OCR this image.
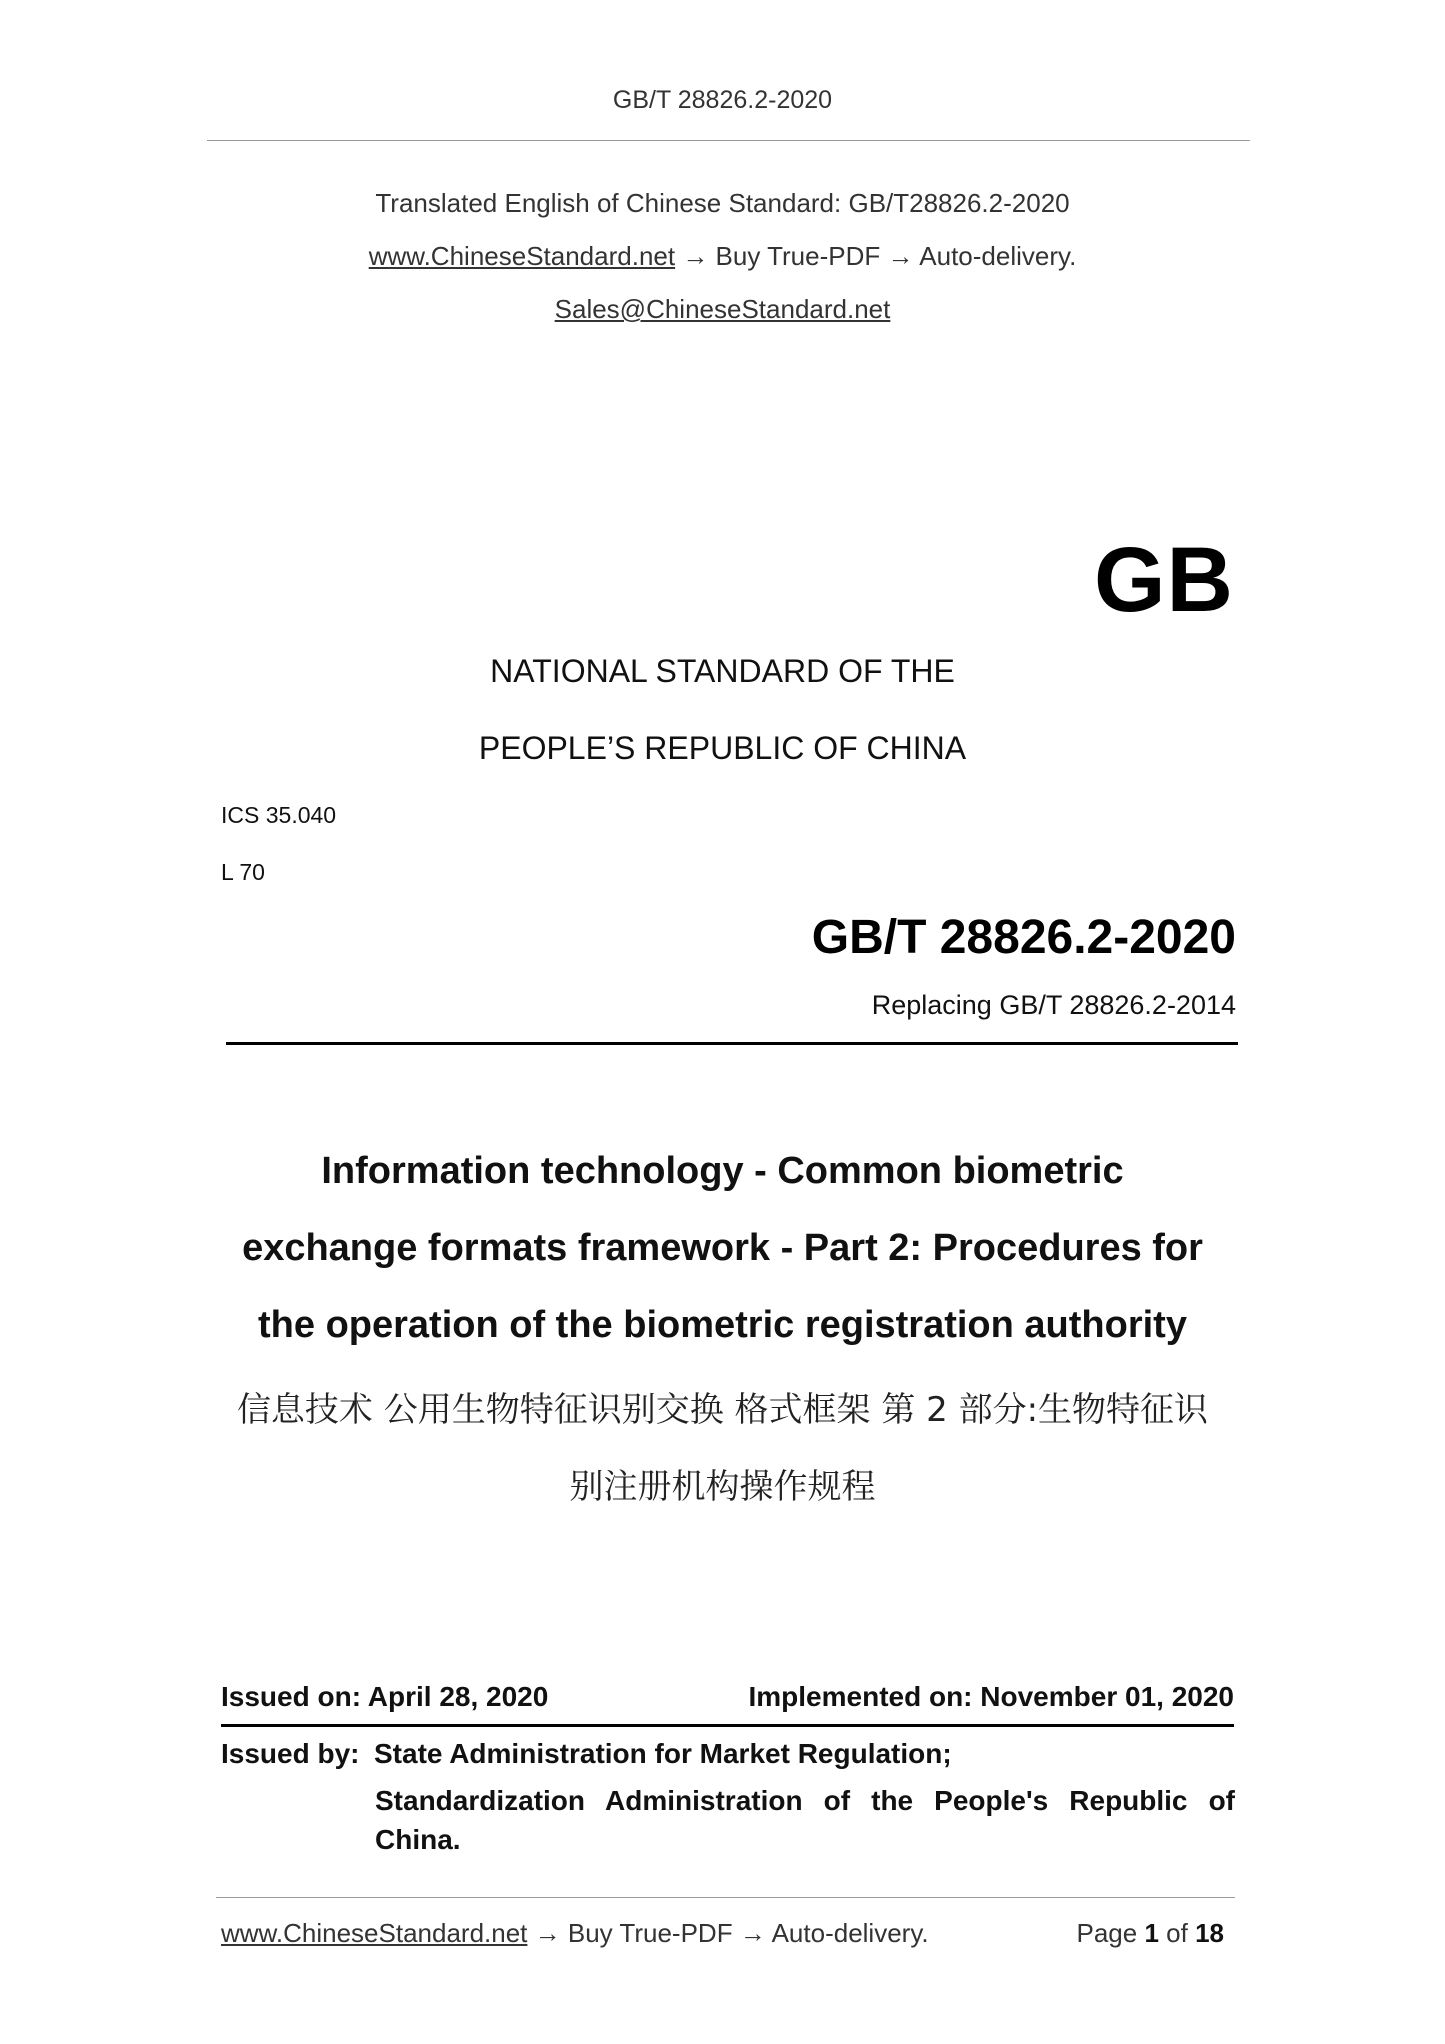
GB/T 28826.2-2020
Translated English of Chinese Standard: GB/T28826.2-2020
www.ChineseStandard.net → Buy True-PDF → Auto-delivery.
Sales@ChineseStandard.net
GB
NATIONAL STANDARD OF THE
PEOPLE’S REPUBLIC OF CHINA
ICS 35.040
L 70
GB/T 28826.2-2020
Replacing GB/T 28826.2-2014
Information technology - Common biometric
exchange formats framework - Part 2: Procedures for
the operation of the biometric registration authority
信息技术 公用生物特征识别交换 格式框架 第 2 部分:生物特征识
别注册机构操作规程
Issued on: April 28, 2020	Implemented on: November 01, 2020
Issued by: State Administration for Market Regulation;
Standardization Administration of the People's Republic of
China.
www.ChineseStandard.net → Buy True-PDF → Auto-delivery.	Page 1 of 18
